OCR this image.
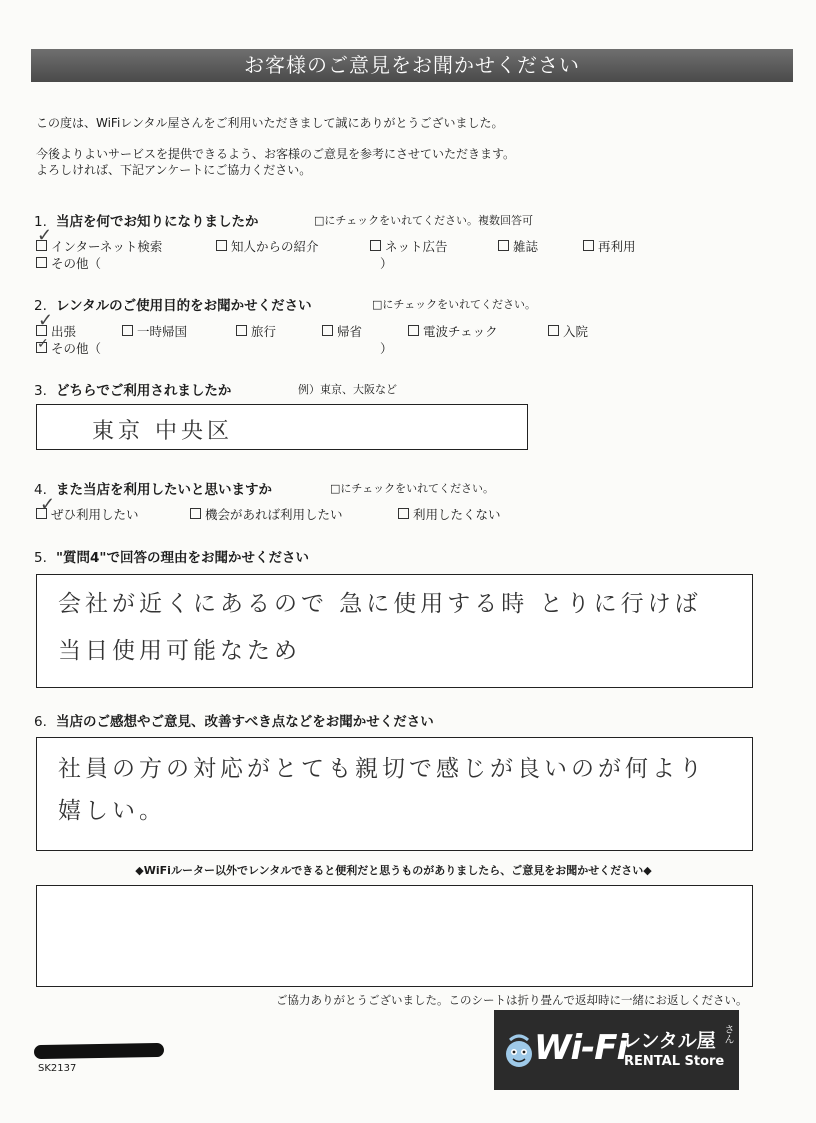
お客様のご意見をお聞かせください
この度は、WiFiレンタル屋さんをご利用いただきまして誠にありがとうございました。
今後よりよいサービスを提供できるよう、お客様のご意見を参考にさせていただきます。
よろしければ、下記アンケートにご協力ください。
1. 当店を何でお知りになりましたか	□にチェックをいれてください。複数回答可
✓
インターネット検索	知人からの紹介	ネット広告	雑誌	再利用
その他（	）
2. レンタルのご使用目的をお聞かせください	□にチェックをいれてください。
✓
出張	一時帰国	旅行	帰省	電波チェック	入院
その他（	）
✓
3. どちらでご利用されましたか	例）東京、大阪など
東京 中央区
4. また当店を利用したいと思いますか	□にチェックをいれてください。
✓
ぜひ利用したい	機会があれば利用したい	利用したくない
5. "質問4"で回答の理由をお聞かせください
会社が近くにあるので 急に使用する時 とりに行けば
当日使用可能なため
6. 当店のご感想やご意見、改善すべき点などをお聞かせください
社員の方の対応がとても親切で感じが良いのが何より
嬉しい。
◆WiFiルーター以外でレンタルできると便利だと思うものがありましたら、ご意見をお聞かせください◆
ご協力ありがとうございました。このシートは折り畳んで返却時に一緒にお返しください。
SK2137
Wi-Fi
レンタル屋 さん
RENTAL Store
